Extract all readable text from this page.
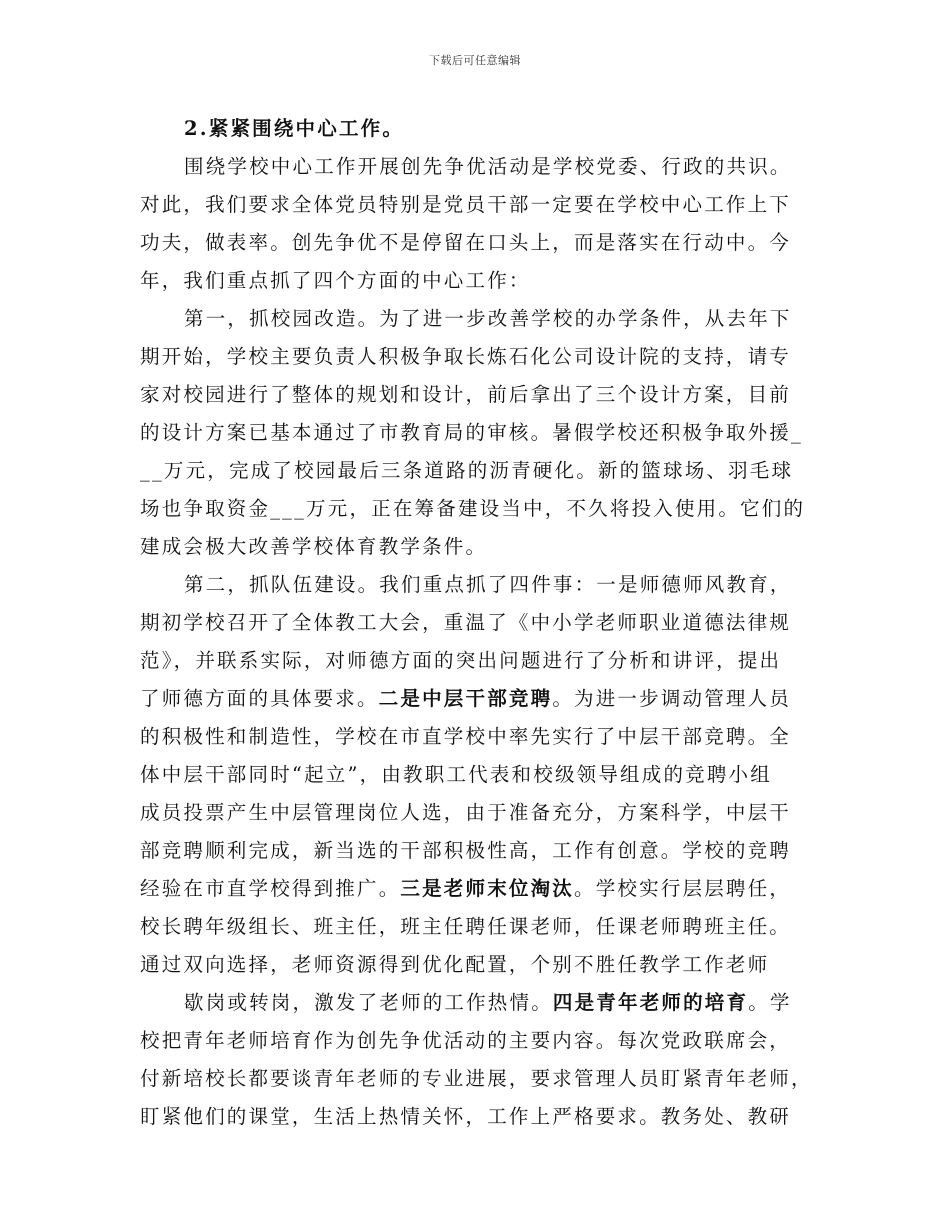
下载后可任意编辑
2.紧紧围绕中心工作。
围绕学校中心工作开展创先争优活动是学校党委、行政的共识。
对此，我们要求全体党员特别是党员干部一定要在学校中心工作上下
功夫，做表率。创先争优不是停留在口头上，而是落实在行动中。今
年，我们重点抓了四个方面的中心工作：
第一，抓校园改造。为了进一步改善学校的办学条件，从去年下
期开始，学校主要负责人积极争取长炼石化公司设计院的支持，请专
家对校园进行了整体的规划和设计，前后拿出了三个设计方案，目前
的设计方案已基本通过了市教育局的审核。暑假学校还积极争取外援_
__万元，完成了校园最后三条道路的沥青硬化。新的篮球场、羽毛球
场也争取资金___万元，正在筹备建设当中，不久将投入使用。它们的
建成会极大改善学校体育教学条件。
第二，抓队伍建设。我们重点抓了四件事：一是师德师风教育，
期初学校召开了全体教工大会，重温了《中小学老师职业道德法律规
范》，并联系实际，对师德方面的突出问题进行了分析和讲评，提出
了师德方面的具体要求。二是中层干部竞聘。为进一步调动管理人员
的积极性和制造性，学校在市直学校中率先实行了中层干部竞聘。全
体中层干部同时“起立”，由教职工代表和校级领导组成的竞聘小组
成员投票产生中层管理岗位人选，由于准备充分，方案科学，中层干
部竞聘顺利完成，新当选的干部积极性高，工作有创意。学校的竞聘
经验在市直学校得到推广。三是老师末位淘汰。学校实行层层聘任，
校长聘年级组长、班主任，班主任聘任课老师，任课老师聘班主任。
通过双向选择，老师资源得到优化配置，个别不胜任教学工作老师
歇岗或转岗，激发了老师的工作热情。四是青年老师的培育。学
校把青年老师培育作为创先争优活动的主要内容。每次党政联席会，
付新培校长都要谈青年老师的专业进展，要求管理人员盯紧青年老师，
盯紧他们的课堂，生活上热情关怀，工作上严格要求。教务处、教研
